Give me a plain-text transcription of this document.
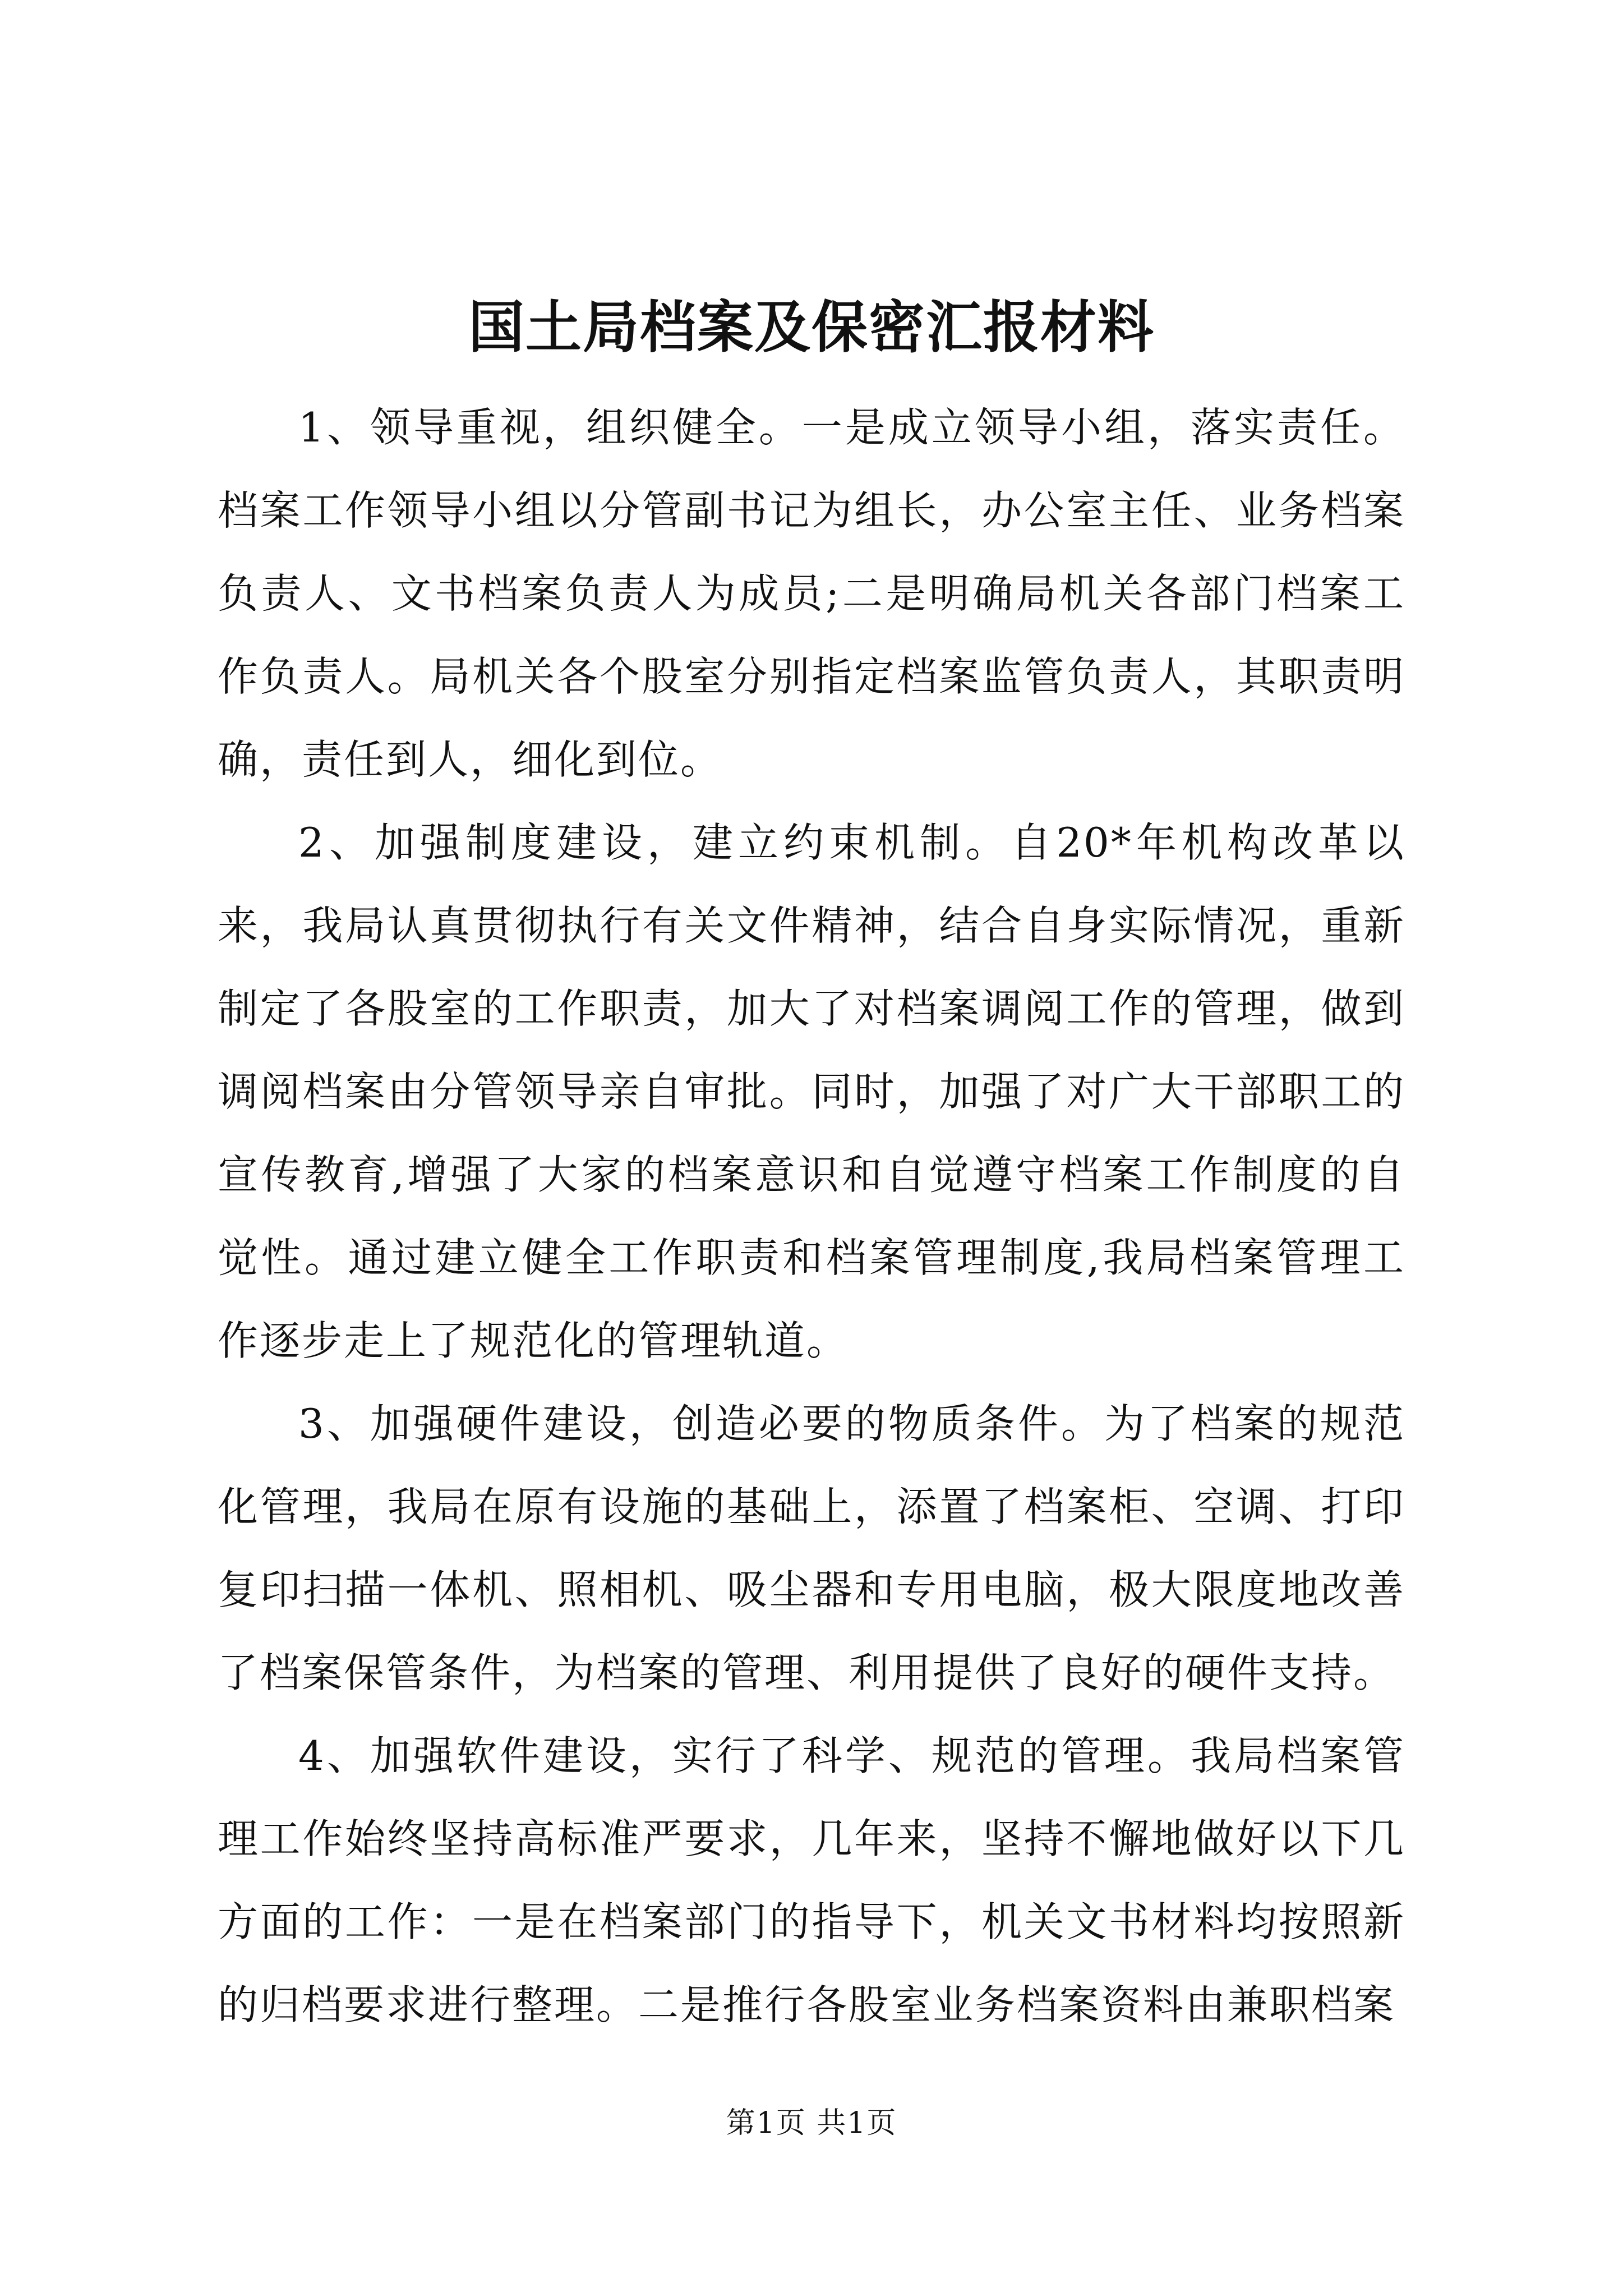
国土局档案及保密汇报材料

1、领导重视，组织健全。一是成立领导小组，落实责任。档案工作领导小组以分管副书记为组长，办公室主任、业务档案负责人、文书档案负责人为成员;二是明确局机关各部门档案工作负责人。局机关各个股室分别指定档案监管负责人，其职责明确，责任到人，细化到位。

2、加强制度建设，建立约束机制。自20*年机构改革以来，我局认真贯彻执行有关文件精神，结合自身实际情况，重新制定了各股室的工作职责，加大了对档案调阅工作的管理，做到调阅档案由分管领导亲自审批。同时，加强了对广大干部职工的宣传教育,增强了大家的档案意识和自觉遵守档案工作制度的自觉性。通过建立健全工作职责和档案管理制度,我局档案管理工作逐步走上了规范化的管理轨道。

3、加强硬件建设，创造必要的物质条件。为了档案的规范化管理，我局在原有设施的基础上，添置了档案柜、空调、打印复印扫描一体机、照相机、吸尘器和专用电脑，极大限度地改善了档案保管条件，为档案的管理、利用提供了良好的硬件支持。

4、加强软件建设，实行了科学、规范的管理。我局档案管理工作始终坚持高标准严要求，几年来，坚持不懈地做好以下几方面的工作：一是在档案部门的指导下，机关文书材料均按照新的归档要求进行整理。二是推行各股室业务档案资料由兼职档案

第1页 共1页
